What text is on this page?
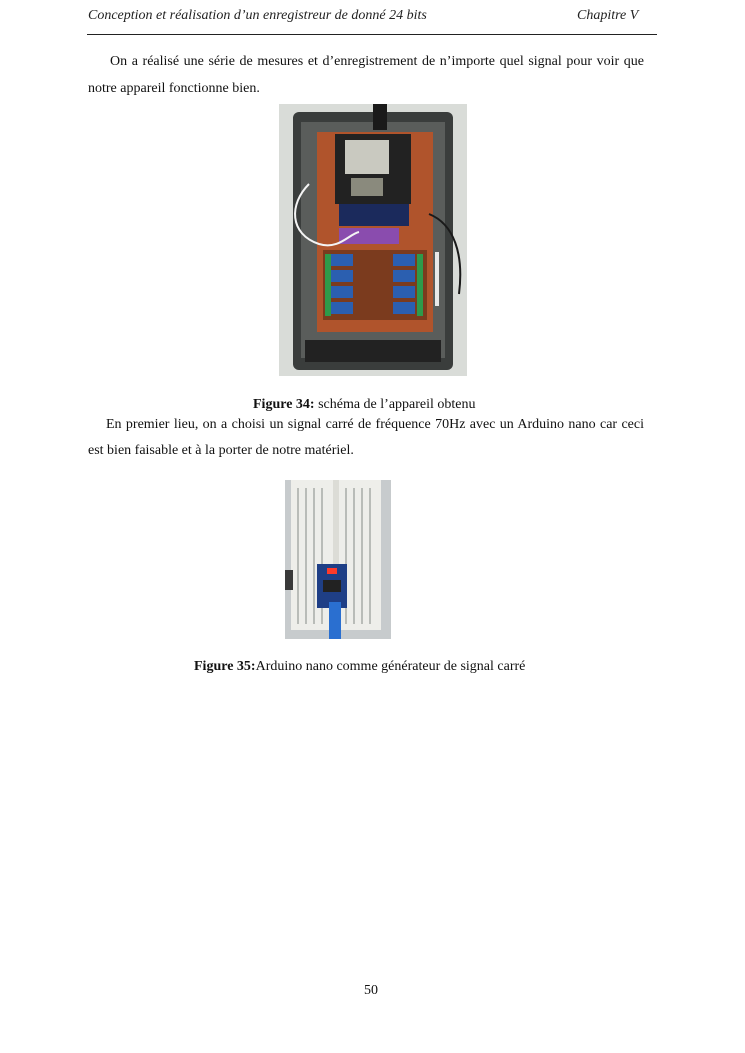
Conception et réalisation d’un enregistreur de donné 24 bits	Chapitre V

On a réalisé une série de mesures et d’enregistrement de n’importe quel signal pour voir que notre appareil fonctionne bien.

Figure 34: schéma de l’appareil obtenu

En premier lieu, on a choisi un signal carré de fréquence 70Hz avec un Arduino nano car ceci est bien faisable et à la porter de notre matériel.

Figure 35:Arduino nano comme générateur de signal carré
50
